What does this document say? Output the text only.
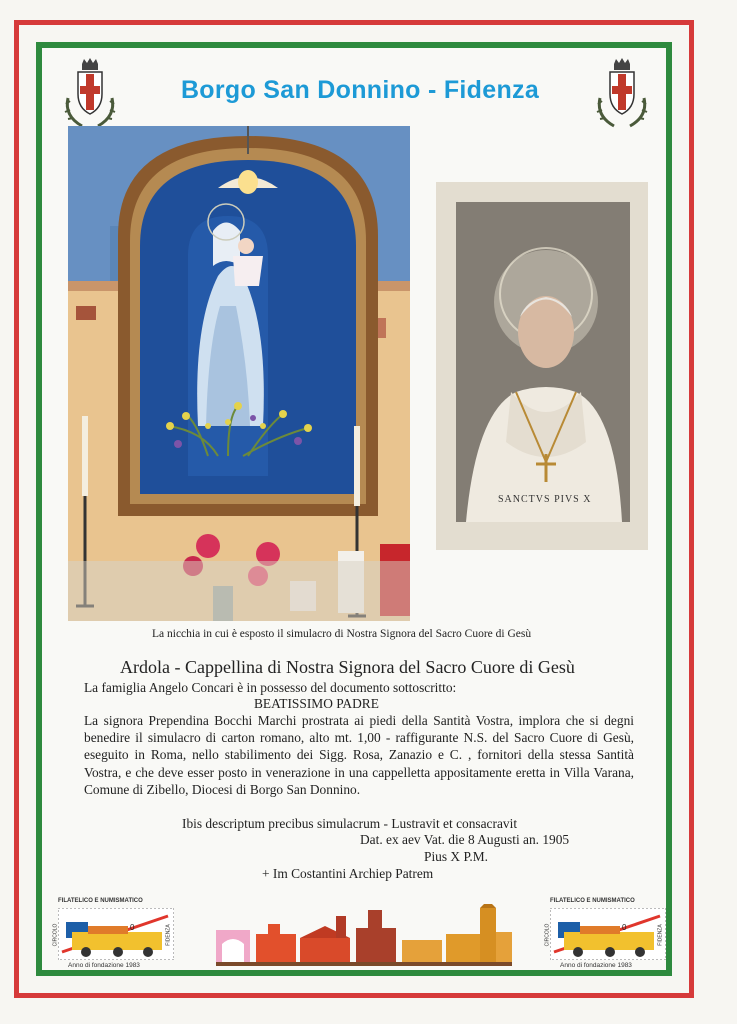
Borgo San Donnino - Fidenza
SANCTVS PIVS X
La nicchia in cui è esposto il simulacro di Nostra Signora del Sacro Cuore di Gesù
Ardola - Cappellina di Nostra Signora del Sacro Cuore di Gesù
La famiglia Angelo Concari è in possesso del documento sottoscritto:
BEATISSIMO PADRE
La signora Prependina Bocchi Marchi prostrata ai piedi della Santità Vostra, implora che si degni benedire il simulacro di carton romano, alto mt. 1,00 - raffigurante N.S. del Sacro Cuore di Gesù, eseguito in Roma, nello stabilimento dei Sigg. Rosa, Zanazio e C. , fornitori della stessa Santità Vostra, e che deve esser posto in venerazione in una cappelletta appositamente eretta in Villa Varana, Comune di Zibello, Diocesi di Borgo San Donnino.
Ibis descriptum precibus simulacrum - Lustravit et consacravit
Dat. ex aev Vat. die 8 Augusti an. 1905
Pius X P.M.
+ Im Costantini Archiep Patrem
FILATELICO E NUMISMATICO
0
Anno di fondazione 1983
CIRCOLO	FIDENZA
FILATELICO E NUMISMATICO
0
Anno di fondazione 1983
CIRCOLO	FIDENZA
